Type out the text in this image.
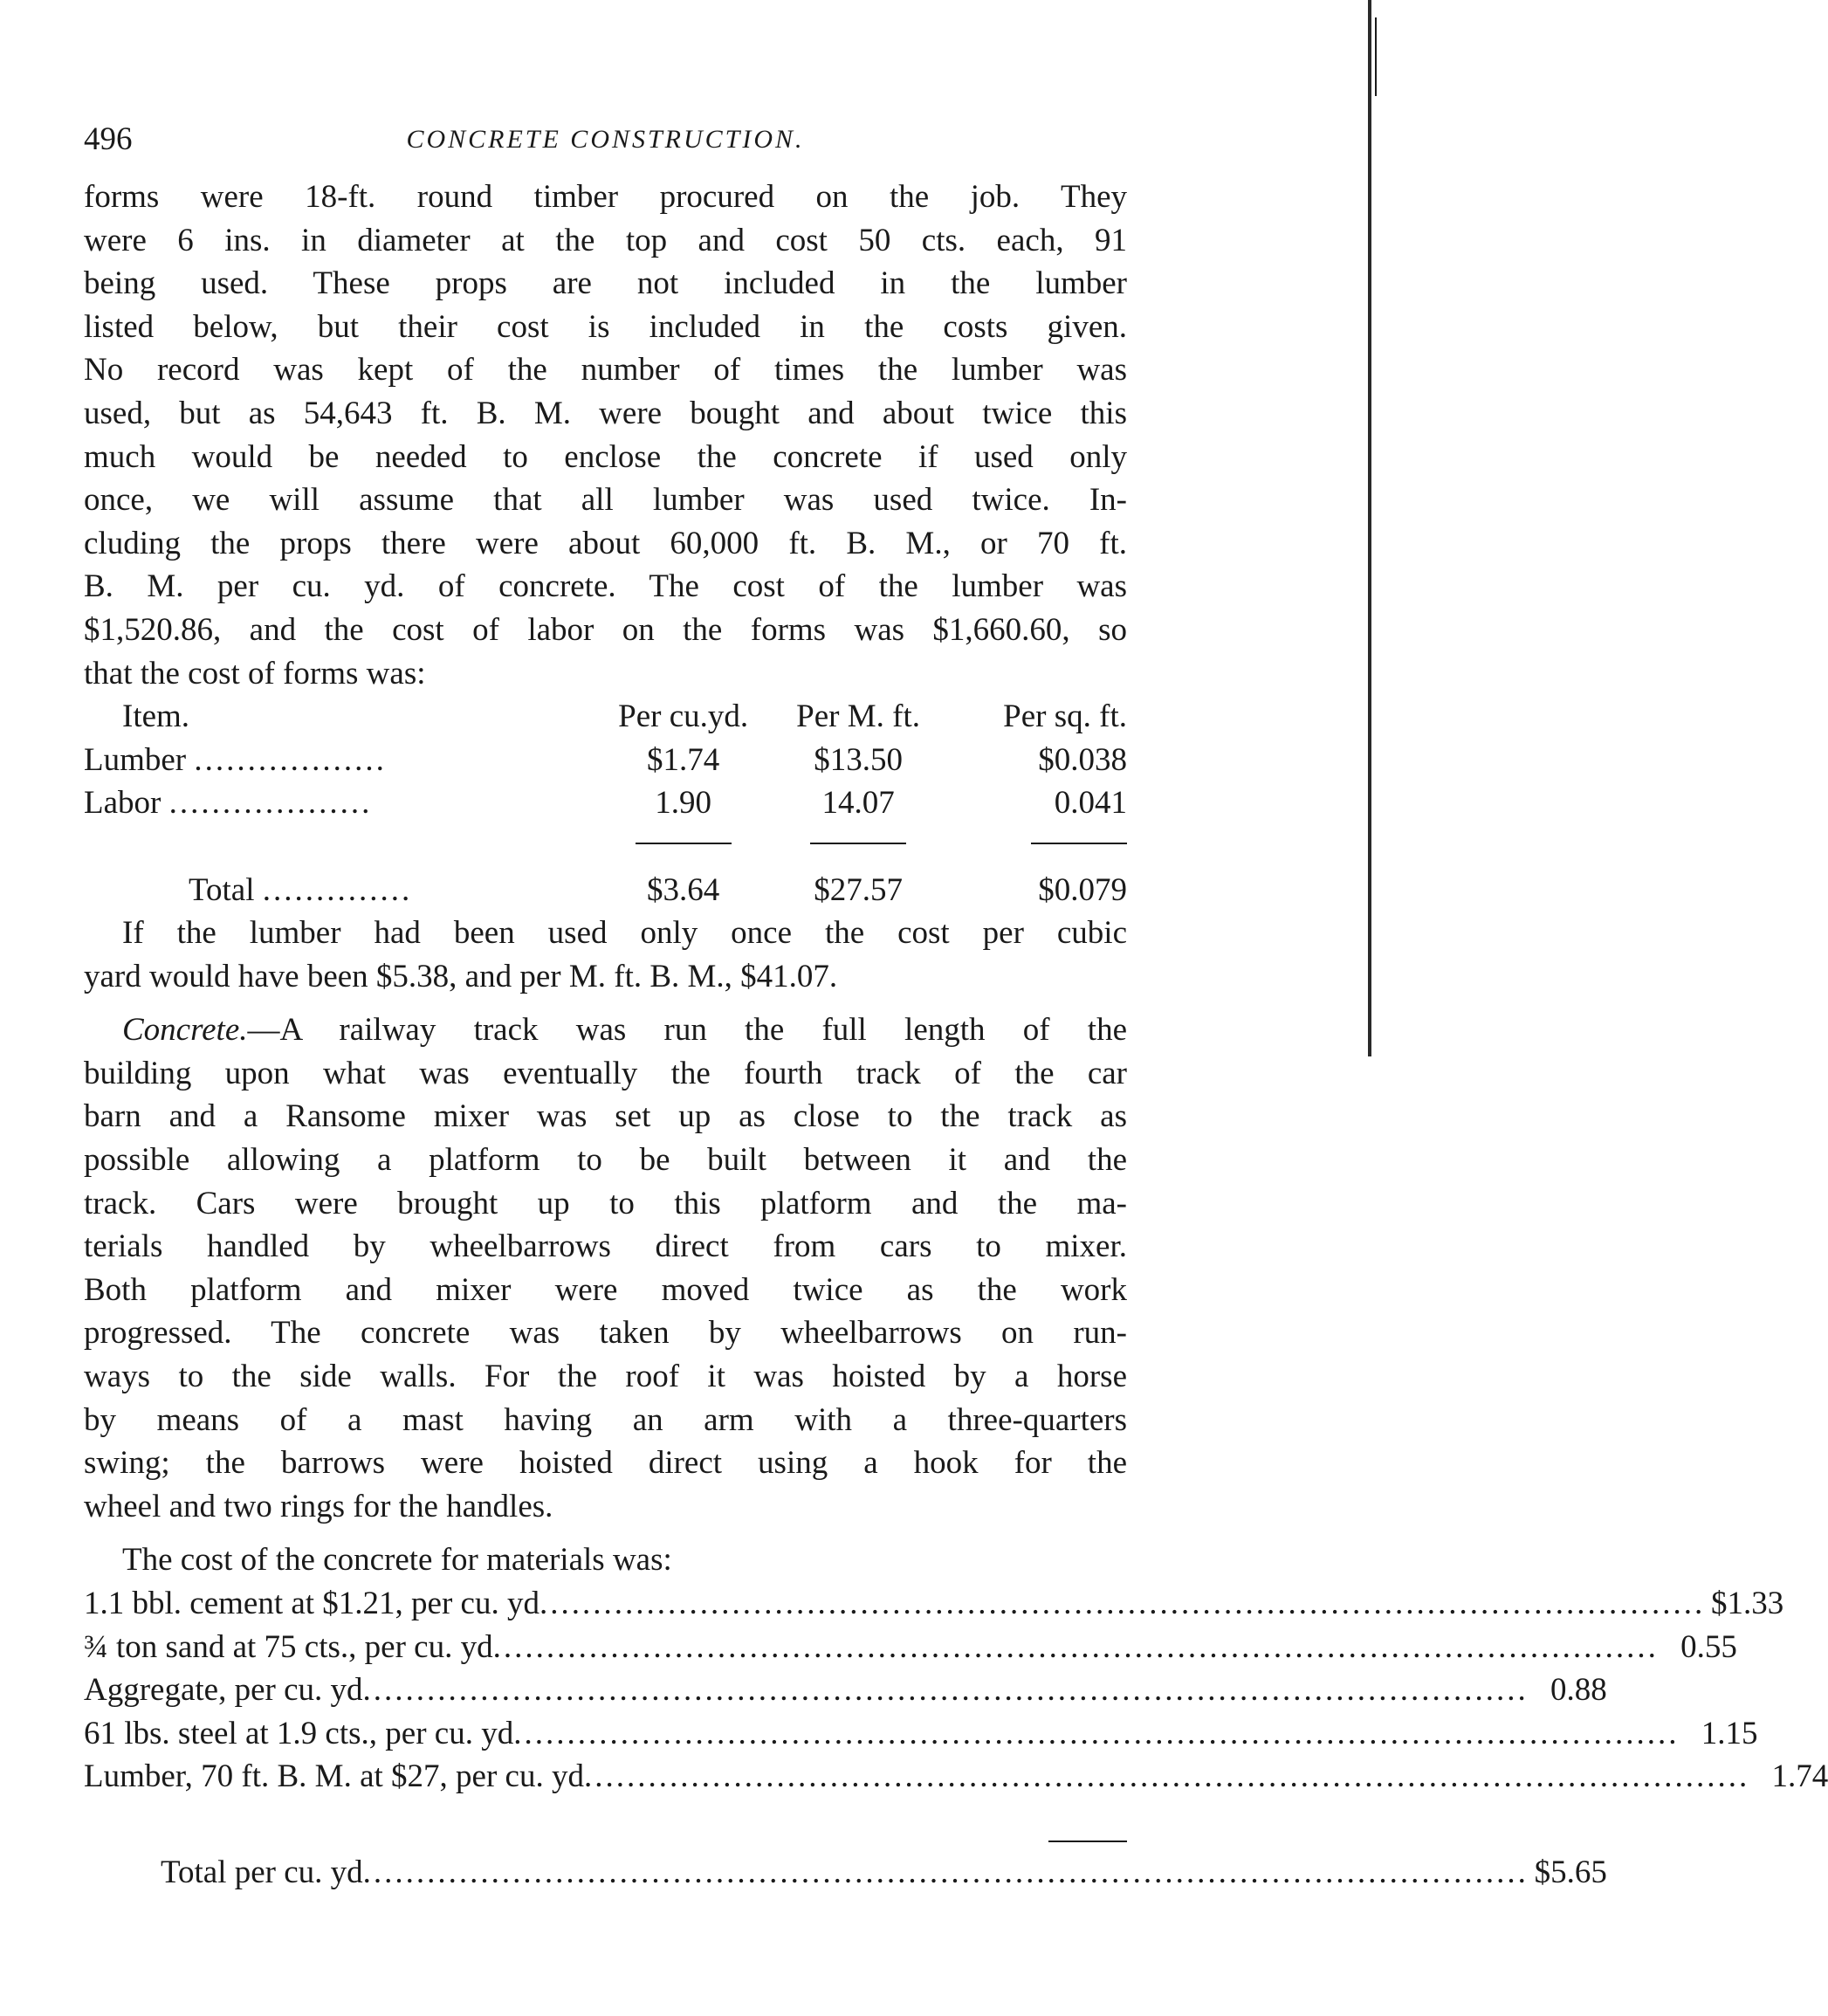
496	CONCRETE CONSTRUCTION.
forms were 18-ft. round timber procured on the job. They
were 6 ins. in diameter at the top and cost 50 cts. each, 91
being used. These props are not included in the lumber
listed below, but their cost is included in the costs given.
No record was kept of the number of times the lumber was
used, but as 54,643 ft. B. M. were bought and about twice this
much would be needed to enclose the concrete if used only
once, we will assume that all lumber was used twice. In-
cluding the props there were about 60,000 ft. B. M., or 70 ft.
B. M. per cu. yd. of concrete. The cost of the lumber was
$1,520.86, and the cost of labor on the forms was $1,660.60, so
that the cost of forms was:
Item.	Per cu.yd.	Per M. ft.	Per sq. ft.
Lumber ..................	$1.74	$13.50	$0.038
Labor ...................	1.90	14.07	0.041

Total ..............	$3.64	$27.57	$0.079
If the lumber had been used only once the cost per cubic
yard would have been $5.38, and per M. ft. B. M., $41.07.
Concrete.—A railway track was run the full length of the
building upon what was eventually the fourth track of the car
barn and a Ransome mixer was set up as close to the track as
possible allowing a platform to be built between it and the
track. Cars were brought up to this platform and the ma-
terials handled by wheelbarrows direct from cars to mixer.
Both platform and mixer were moved twice as the work
progressed. The concrete was taken by wheelbarrows on run-
ways to the side walls. For the roof it was hoisted by a horse
by means of a mast having an arm with a three-quarters
swing; the barrows were hoisted direct using a hook for the
wheel and two rings for the handles.
The cost of the concrete for materials was:
1.1 bbl. cement at $1.21, per cu. yd ............................................................................................................. $1.33
¾ ton sand at 75 cts., per cu. yd ............................................................................................................. 0.55
Aggregate, per cu. yd ............................................................................................................. 0.88
61 lbs. steel at 1.9 cts., per cu. yd ............................................................................................................. 1.15
Lumber, 70 ft. B. M. at $27, per cu. yd ............................................................................................................. 1.74
Total per cu. yd ............................................................................................................. $5.65
